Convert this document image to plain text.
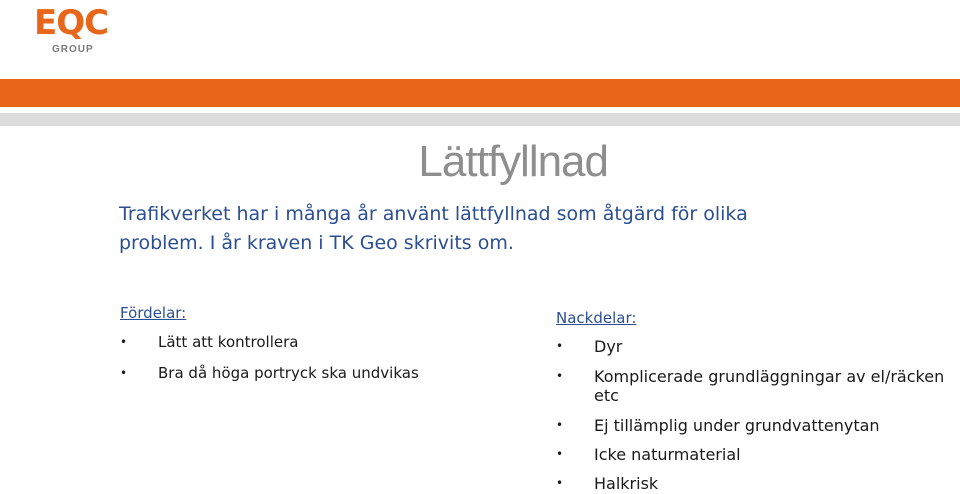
EQC
GROUP
Lättfyllnad

Trafikverket har i många år använt lättfyllnad som åtgärd för olika problem. I år kraven i TK Geo skrivits om.

Fördelar:

• Lätt att kontrollera
• Bra då höga portryck ska undvikas

Nackdelar:

• Dyr
• Komplicerade grundläggningar av el/räcken etc
• Ej tillämplig under grundvattenytan
• Icke naturmaterial
• Halkrisk
